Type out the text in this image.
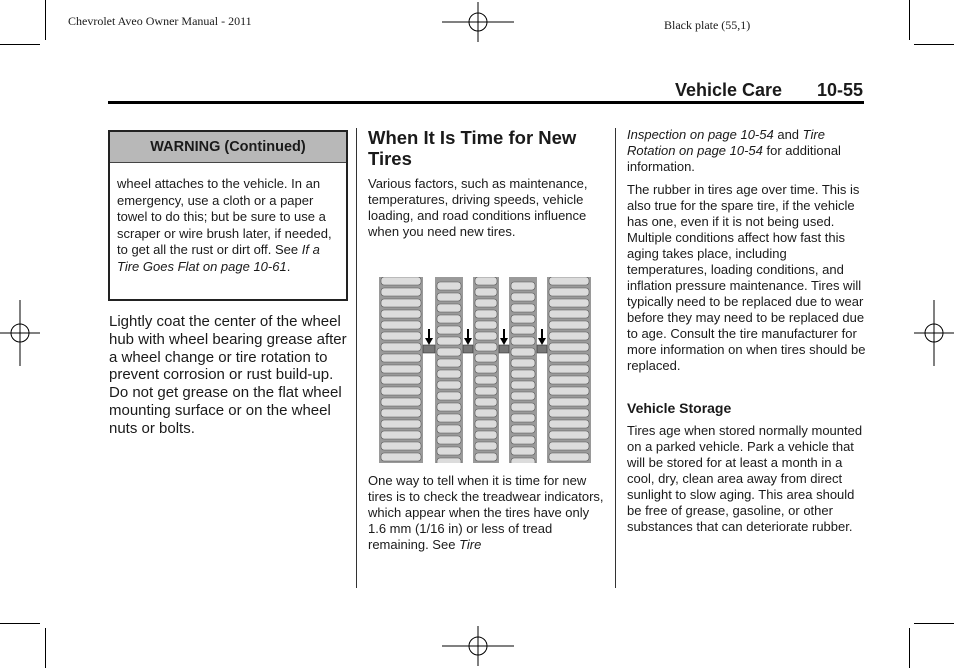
Chevrolet Aveo Owner Manual - 2011	Black plate (55,1)
Vehicle Care 10-55
WARNING (Continued)
wheel attaches to the vehicle. In an emergency, use a cloth or a paper towel to do this; but be sure to use a scraper or wire brush later, if needed, to get all the rust or dirt off. See If a Tire Goes Flat on page 10-61.

Lightly coat the center of the wheel hub with wheel bearing grease after a wheel change or tire rotation to prevent corrosion or rust build-up. Do not get grease on the flat wheel mounting surface or on the wheel nuts or bolts.

When It Is Time for New Tires

Various factors, such as maintenance, temperatures, driving speeds, vehicle loading, and road conditions influence when you need new tires.

One way to tell when it is time for new tires is to check the treadwear indicators, which appear when the tires have only 1.6 mm (1/16 in) or less of tread remaining. See Tire

Inspection on page 10-54 and Tire Rotation on page 10-54 for additional information.

The rubber in tires age over time. This is also true for the spare tire, if the vehicle has one, even if it is not being used. Multiple conditions affect how fast this aging takes place, including temperatures, loading conditions, and inflation pressure maintenance. Tires will typically need to be replaced due to wear before they may need to be replaced due to age. Consult the tire manufacturer for more information on when tires should be replaced.

Vehicle Storage

Tires age when stored normally mounted on a parked vehicle. Park a vehicle that will be stored for at least a month in a cool, dry, clean area away from direct sunlight to slow aging. This area should be free of grease, gasoline, or other substances that can deteriorate rubber.
